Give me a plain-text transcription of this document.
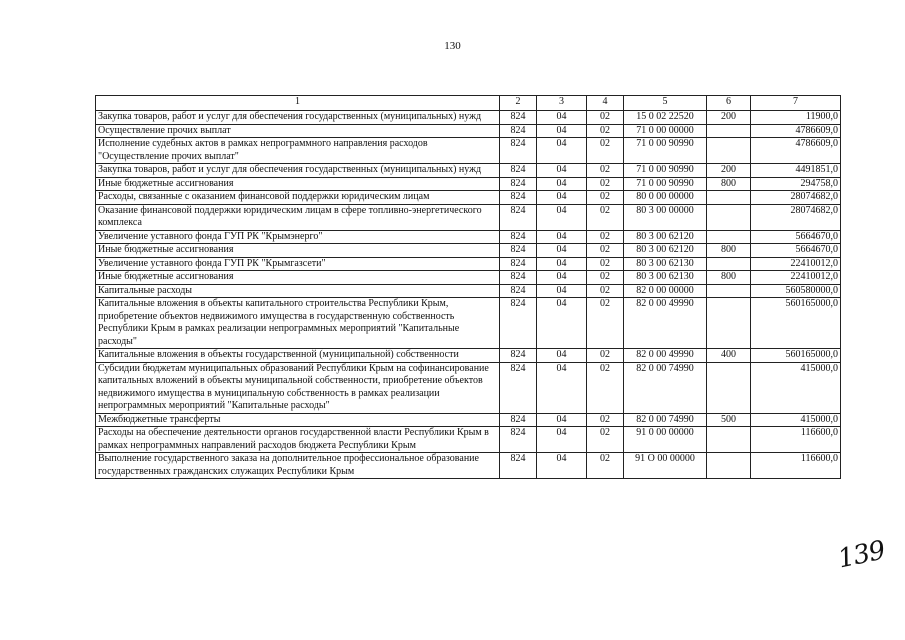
130
1	2	3	4	5	6	7
Закупка товаров, работ и услуг для обеспечения государственных (муниципальных) нужд	824	04	02	15 0 02 22520	200	11900,0
Осуществление прочих выплат	824	04	02	71 0 00 00000		4786609,0
Исполнение судебных актов в рамках непрограммного направления расходов "Осуществление прочих выплат"	824	04	02	71 0 00 90990		4786609,0
Закупка товаров, работ и услуг для обеспечения государственных (муниципальных) нужд	824	04	02	71 0 00 90990	200	4491851,0
Иные бюджетные ассигнования	824	04	02	71 0 00 90990	800	294758,0
Расходы, связанные с оказанием финансовой поддержки юридическим лицам	824	04	02	80 0 00 00000		28074682,0
Оказание финансовой поддержки юридическим лицам в сфере топливно-энергетического комплекса	824	04	02	80 3 00 00000		28074682,0
Увеличение уставного фонда ГУП РК "Крымэнерго"	824	04	02	80 3 00 62120		5664670,0
Иные бюджетные ассигнования	824	04	02	80 3 00 62120	800	5664670,0
Увеличение уставного фонда ГУП РК "Крымгазсети"	824	04	02	80 3 00 62130		22410012,0
Иные бюджетные ассигнования	824	04	02	80 3 00 62130	800	22410012,0
Капитальные расходы	824	04	02	82 0 00 00000		560580000,0
Капитальные вложения в объекты капитального строительства Республики Крым, приобретение объектов недвижимого имущества в государственную собственность Республики Крым в рамках реализации непрограммных мероприятий "Капитальные расходы"	824	04	02	82 0 00 49990		560165000,0
Капитальные вложения в объекты государственной (муниципальной) собственности	824	04	02	82 0 00 49990	400	560165000,0
Субсидии бюджетам муниципальных образований Республики Крым на софинансирование капитальных вложений в объекты муниципальной собственности, приобретение объектов недвижимого имущества в муниципальную собственность в рамках реализации непрограммных мероприятий "Капитальные расходы"	824	04	02	82 0 00 74990		415000,0
Межбюджетные трансферты	824	04	02	82 0 00 74990	500	415000,0
Расходы на обеспечение деятельности органов государственной власти Республики Крым в рамках непрограммных направлений расходов бюджета Республики Крым	824	04	02	91 0 00 00000		116600,0
Выполнение государственного заказа на дополнительное профессиональное образование государственных гражданских служащих Республики Крым	824	04	02	91 О 00 00000		116600,0
139
